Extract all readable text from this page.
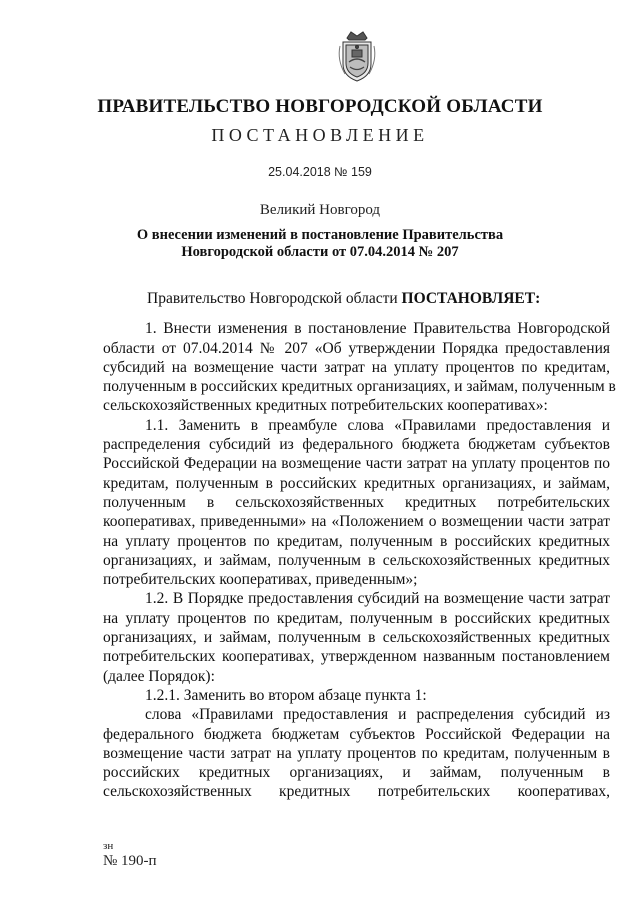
ПРАВИТЕЛЬСТВО НОВГОРОДСКОЙ ОБЛАСТИ
ПОСТАНОВЛЕНИЕ
25.04.2018 № 159
Великий Новгород
О внесении изменений в постановление Правительства
Новгородской области от 07.04.2014 № 207
Правительство Новгородской области ПОСТАНОВЛЯЕТ:
1. Внести изменения в постановление Правительства Новгородской
области от 07.04.2014 № 207 «Об утверждении Порядка предоставления
субсидий на возмещение части затрат на уплату процентов по кредитам,
полученным в российских кредитных организациях, и займам, полученным в
сельскохозяйственных кредитных потребительских кооперативах»:
1.1. Заменить в преамбуле слова «Правилами предоставления и
распределения субсидий из федерального бюджета бюджетам субъектов
Российской Федерации на возмещение части затрат на уплату процентов по
кредитам, полученным в российских кредитных организациях, и займам,
полученным в сельскохозяйственных кредитных потребительских
кооперативах, приведенными» на «Положением о возмещении части затрат
на уплату процентов по кредитам, полученным в российских кредитных
организациях, и займам, полученным в сельскохозяйственных кредитных
потребительских кооперативах, приведенным»;
1.2. В Порядке предоставления субсидий на возмещение части затрат
на уплату процентов по кредитам, полученным в российских кредитных
организациях, и займам, полученным в сельскохозяйственных кредитных
потребительских кооперативах, утвержденном названным постановлением
(далее Порядок):
1.2.1. Заменить во втором абзаце пункта 1:
слова «Правилами предоставления и распределения субсидий из
федерального бюджета бюджетам субъектов Российской Федерации на
возмещение части затрат на уплату процентов по кредитам, полученным в
российских кредитных организациях, и займам, полученным в
сельскохозяйственных кредитных потребительских кооперативах,
зн
№ 190-п
